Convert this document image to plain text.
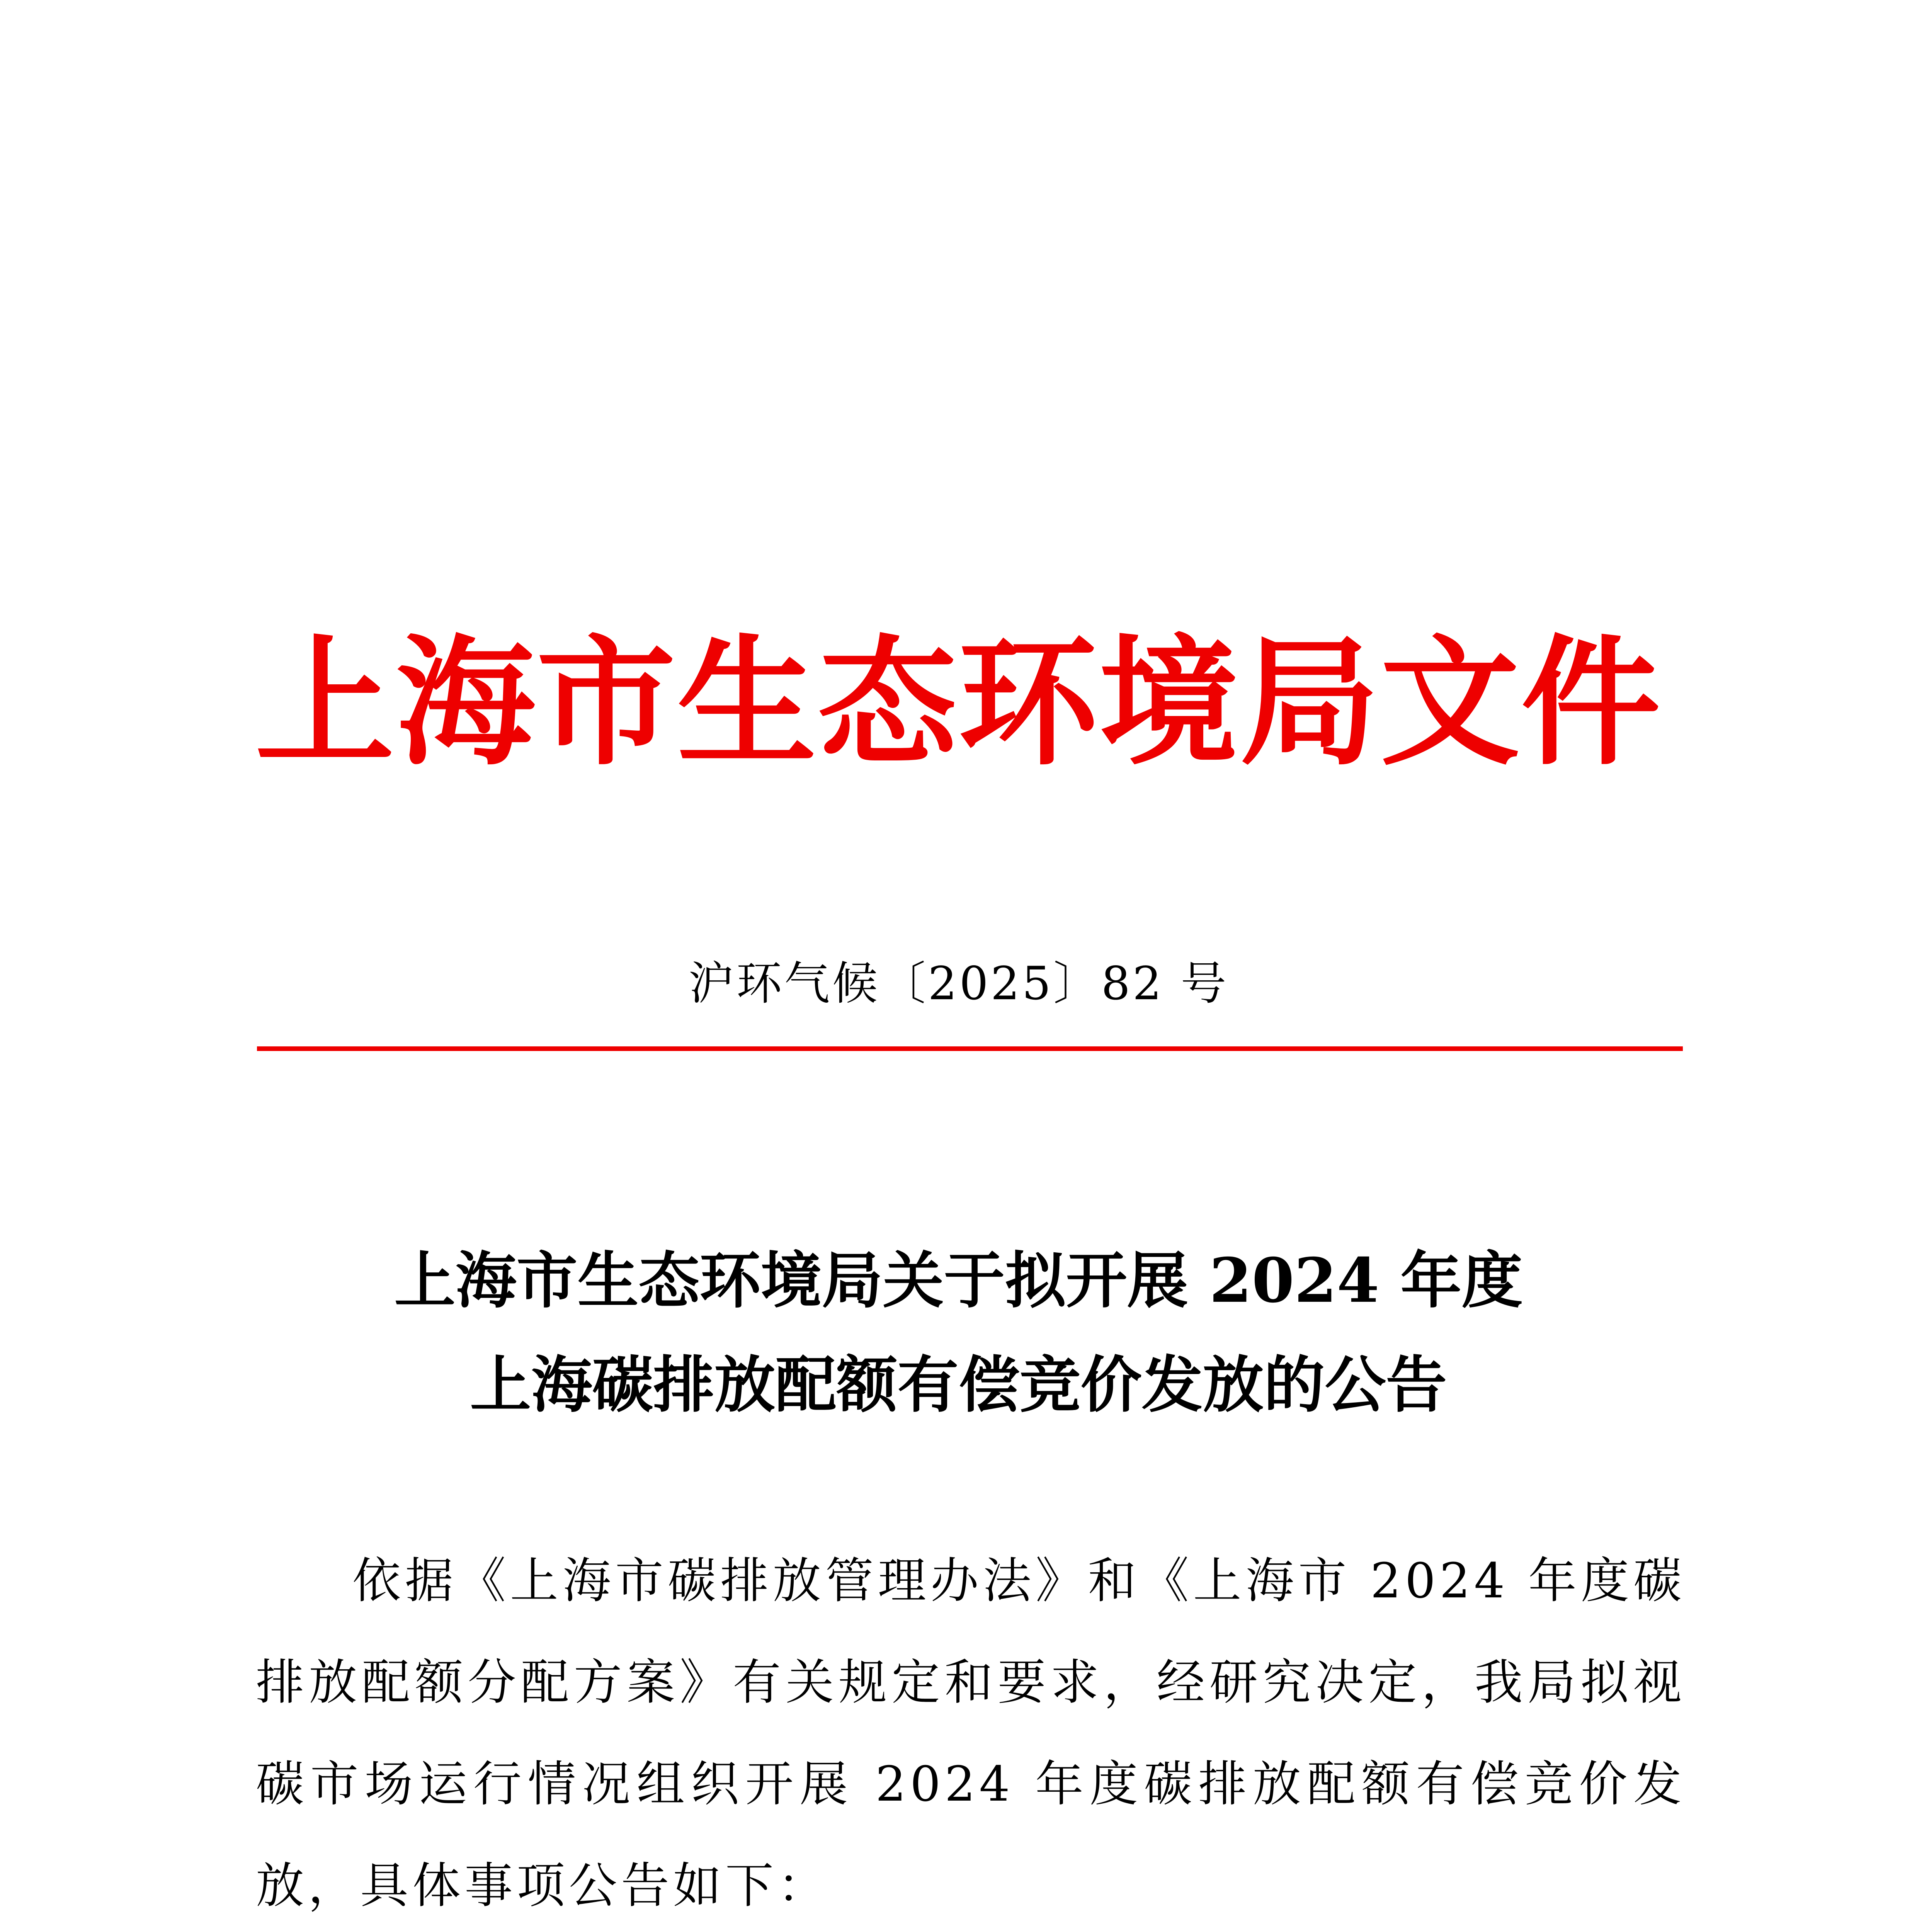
上海市生态环境局文件
沪环气候〔2025〕82 号
上海市生态环境局关于拟开展 2024 年度
上海碳排放配额有偿竞价发放的公告

依据《上海市碳排放管理办法》和《上海市 2024 年度碳排放配额分配方案》有关规定和要求，经研究决定，我局拟视碳市场运行情况组织开展 2024 年度碳排放配额有偿竞价发放，具体事项公告如下：
